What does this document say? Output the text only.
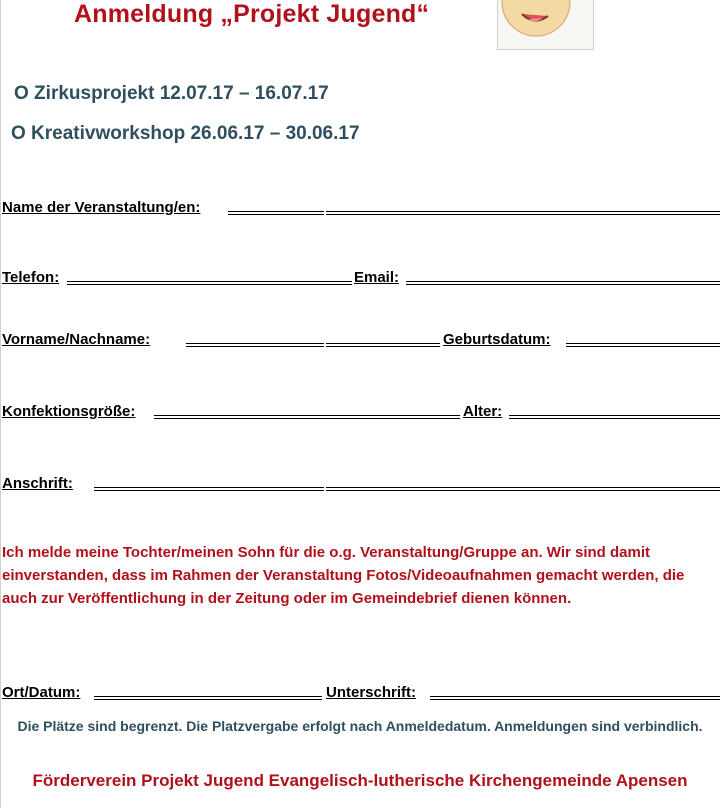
Anmeldung „Projekt Jugend“
O Zirkusprojekt 12.07.17 – 16.07.17
O Kreativworkshop 26.06.17 – 30.06.17
Name der Veranstaltung/en:
Telefon:	Email:
Vorname/Nachname:	Geburtsdatum:
Konfektionsgröße:	Alter:
Anschrift:
Ich melde meine Tochter/meinen Sohn für die o.g. Veranstaltung/Gruppe an. Wir sind damit einverstanden, dass im Rahmen der Veranstaltung Fotos/Videoaufnahmen gemacht werden, die auch zur Veröffentlichung in der Zeitung oder im Gemeindebrief dienen können.
Ort/Datum:	Unterschrift:
Die Plätze sind begrenzt. Die Platzvergabe erfolgt nach Anmeldedatum. Anmeldungen sind verbindlich.
Förderverein Projekt Jugend Evangelisch-lutherische Kirchengemeinde Apensen
